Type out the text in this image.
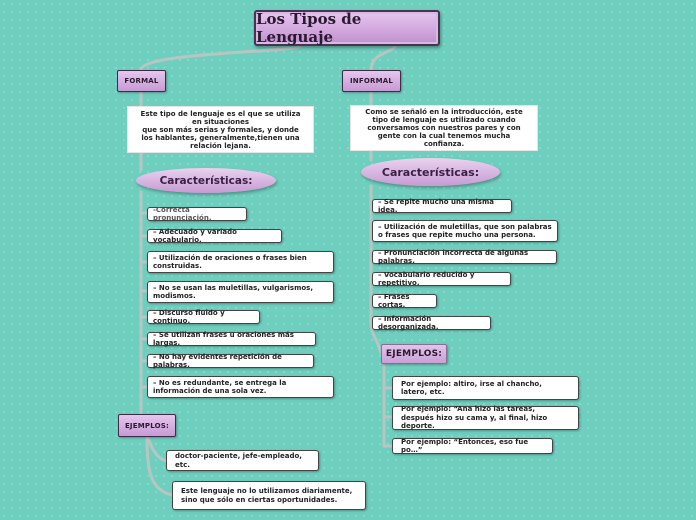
Los Tipos de Lenguaje
FORMAL
Este tipo de lenguaje es el que se utiliza en situaciones
que son más serias y formales, y donde los hablantes, generalmente,tienen una relación lejana.
Características:
-Correcta pronunciación.
– Adecuado y variado vocabulario.
– Utilización de oraciones o frases bien construidas.
– No se usan las muletillas, vulgarismos, modismos.
– Discurso fluido y continuo.
– Se utilizan frases u oraciones más largas.
– No hay evidentes repetición de palabras.
– No es redundante, se entrega la información de una sola vez.
EJEMPLOS:
doctor-paciente, jefe-empleado, etc.
Este lenguaje no lo utilizamos diariamente, sino que sólo en ciertas oportunidades.
INFORMAL
Como se señaló en la introducción, este tipo de lenguaje es utilizado cuando conversamos con nuestros pares y con gente con la cual tenemos mucha confianza.
Características:
– Se repite mucho una misma idea.
– Utilización de muletillas, que son palabras o frases que repite mucho una persona.
– Pronunciación incorrecta de algunas palabras.
– Vocabulario reducido y repetitivo.
– Frases cortas.
– Información desorganizada.
EJEMPLOS:
Por ejemplo: altiro, irse al chancho, latero, etc.
Por ejemplo: “Ana hizo las tareas, después hizo su cama y, al final, hizo deporte.
Por ejemplo: “Entonces, eso fue po…”
